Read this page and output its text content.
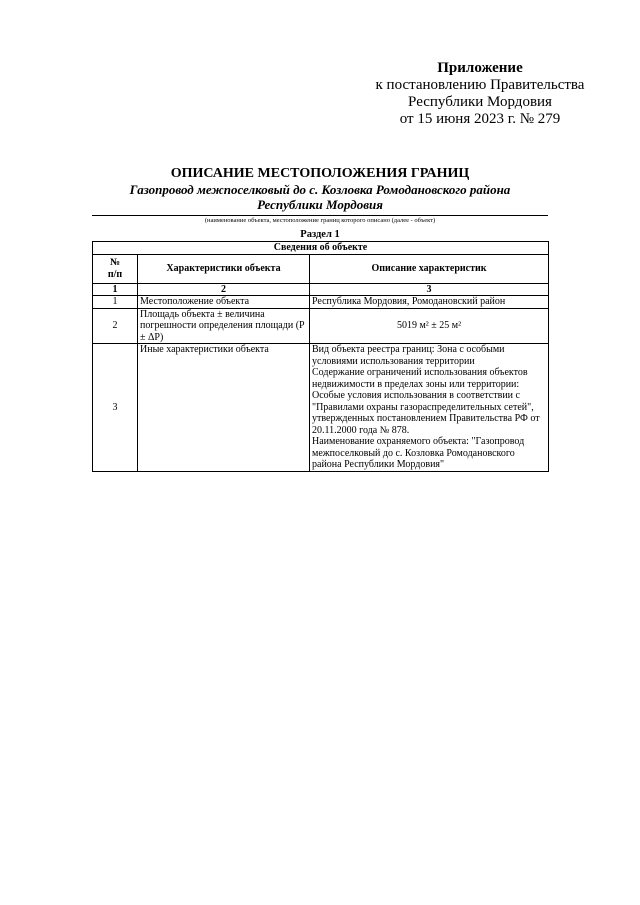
Приложение
к постановлению Правительства
Республики Мордовия
от 15 июня 2023 г. № 279
ОПИСАНИЕ МЕСТОПОЛОЖЕНИЯ ГРАНИЦ
Газопровод межпоселковый до с. Козловка Ромодановского района
Республики Мордовия
(наименование объекта, местоположение границ которого описано (далее - объект)
Раздел 1
Сведения об объекте		
№
п/п	Характеристики объекта	Описание характеристик
1	2	3
1	Местоположение объекта	Республика Мордовия, Ромодановский район
2	Площадь объекта ± величина погрешности определения площади (P ± ΔP)	5019 м² ± 25 м²
3	Иные характеристики объекта	Вид объекта реестра границ: Зона с особыми условиями использования территории
Содержание ограничений использования объектов недвижимости в пределах зоны или территории: Особые условия использования в соответствии с "Правилами охраны газораспределительных сетей", утвержденных постановлением Правительства РФ от 20.11.2000 года № 878.
Наименование охраняемого объекта: "Газопровод межпоселковый до с. Козловка Ромодановского района Республики Мордовия"
